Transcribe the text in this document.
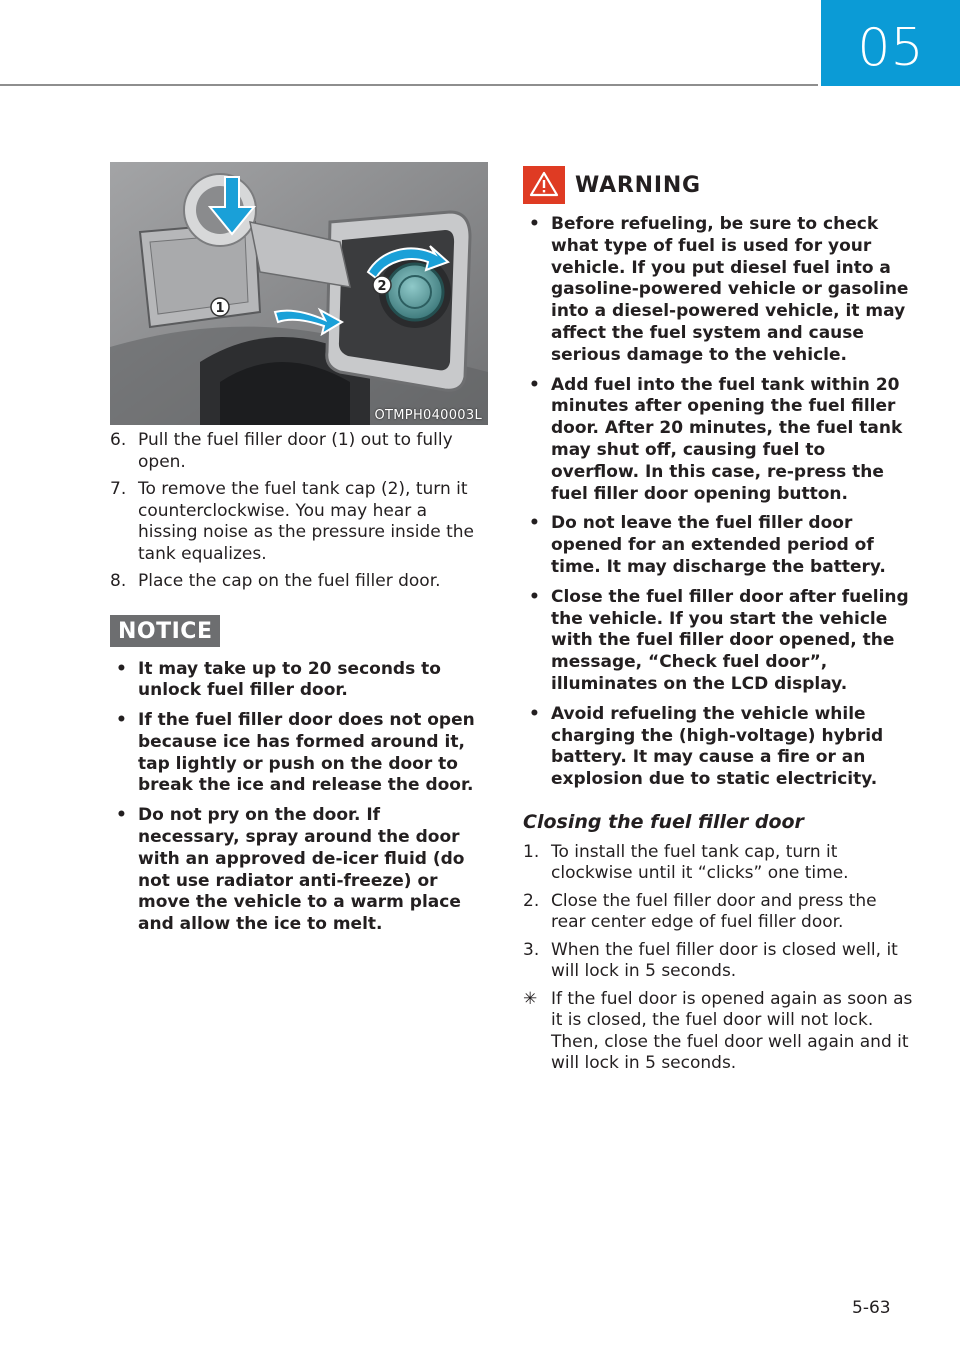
05
1
2
OTMPH040003L
6. Pull the fuel filler door (1) out to fully open.
7. To remove the fuel tank cap (2), turn it counterclockwise. You may hear a hissing noise as the pressure inside the tank equalizes.
8. Place the cap on the fuel filler door.
NOTICE
• It may take up to 20 seconds to unlock fuel filler door.
• If the fuel filler door does not open because ice has formed around it, tap lightly or push on the door to break the ice and release the door.
• Do not pry on the door. If necessary, spray around the door with an approved de-icer fluid (do not use radiator anti-freeze) or move the vehicle to a warm place and allow the ice to melt.
WARNING
• Before refueling, be sure to check what type of fuel is used for your vehicle. If you put diesel fuel into a gasoline-powered vehicle or gasoline into a diesel-powered vehicle, it may affect the fuel system and cause serious damage to the vehicle.
• Add fuel into the fuel tank within 20 minutes after opening the fuel filler door. After 20 minutes, the fuel tank may shut off, causing fuel to overflow. In this case, re-press the fuel filler door opening button.
• Do not leave the fuel filler door opened for an extended period of time. It may discharge the battery.
• Close the fuel filler door after fueling the vehicle. If you start the vehicle with the fuel filler door opened, the message, “Check fuel door”, illuminates on the LCD display.
• Avoid refueling the vehicle while charging the (high-voltage) hybrid battery. It may cause a fire or an explosion due to static electricity.
Closing the fuel filler door
1. To install the fuel tank cap, turn it clockwise until it “clicks” one time.
2. Close the fuel filler door and press the rear center edge of fuel filler door.
3. When the fuel filler door is closed well, it will lock in 5 seconds.
✳ If the fuel door is opened again as soon as it is closed, the fuel door will not lock. Then, close the fuel door well again and it will lock in 5 seconds.
5-63
